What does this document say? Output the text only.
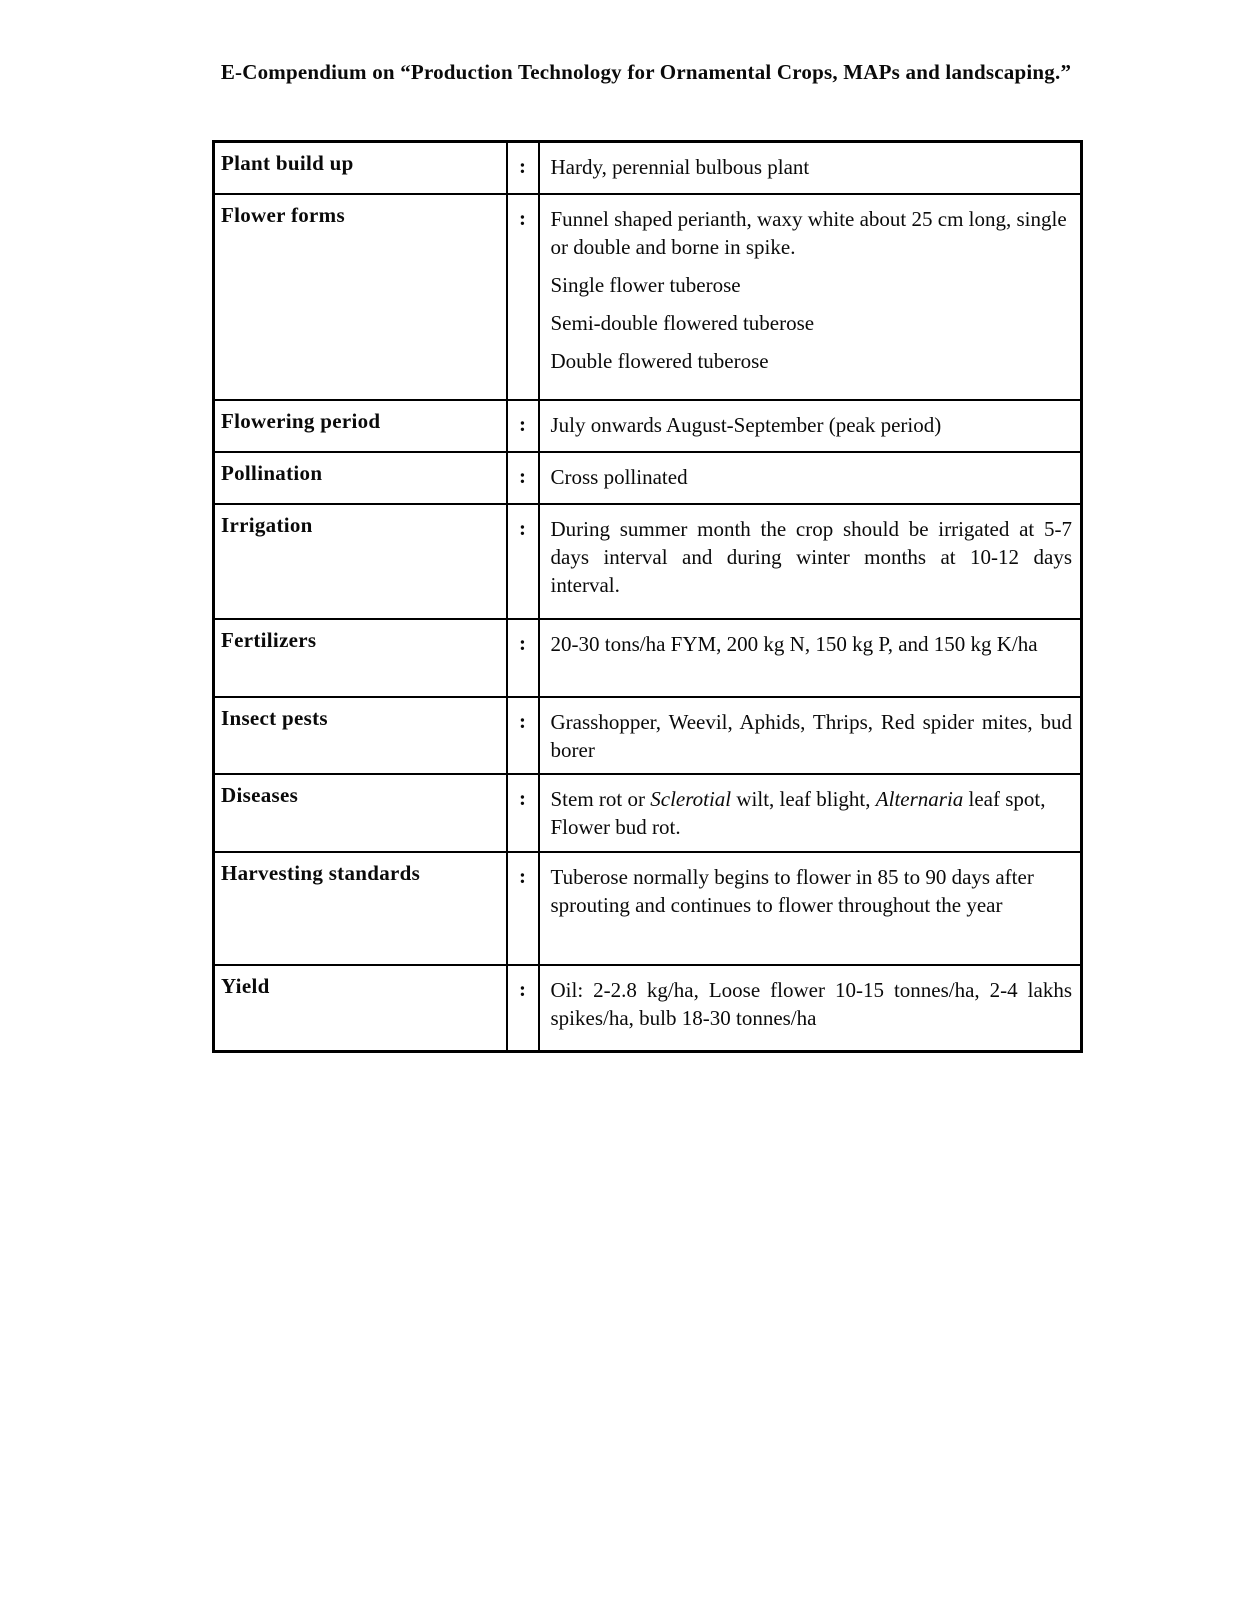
E-Compendium on “Production Technology for Ornamental Crops, MAPs and landscaping.”
Plant build up	:	Hardy, perennial bulbous plant

Flower forms	:	Funnel shaped perianth, waxy white about 25 cm long, single or double and borne in spike.

Single flower tuberose

Semi-double flowered tuberose

Double flowered tuberose

Flowering period	:	July onwards August-September (peak period)

Pollination	:	Cross pollinated

Irrigation	:	During summer month the crop should be irrigated at 5-7 days interval and during winter months at 10-12 days interval.

Fertilizers	:	20-30 tons/ha FYM, 200 kg N, 150 kg P, and 150 kg K/ha

Insect pests	:	Grasshopper, Weevil, Aphids, Thrips, Red spider mites, bud borer

Diseases	:	Stem rot or Sclerotial wilt, leaf blight, Alternaria leaf spot, Flower bud rot.

Harvesting standards	:	Tuberose normally begins to flower in 85 to 90 days after sprouting and continues to flower throughout the year

Yield	:	Oil: 2-2.8 kg/ha, Loose flower 10-15 tonnes/ha, 2-4 lakhs spikes/ha, bulb 18-30 tonnes/ha
